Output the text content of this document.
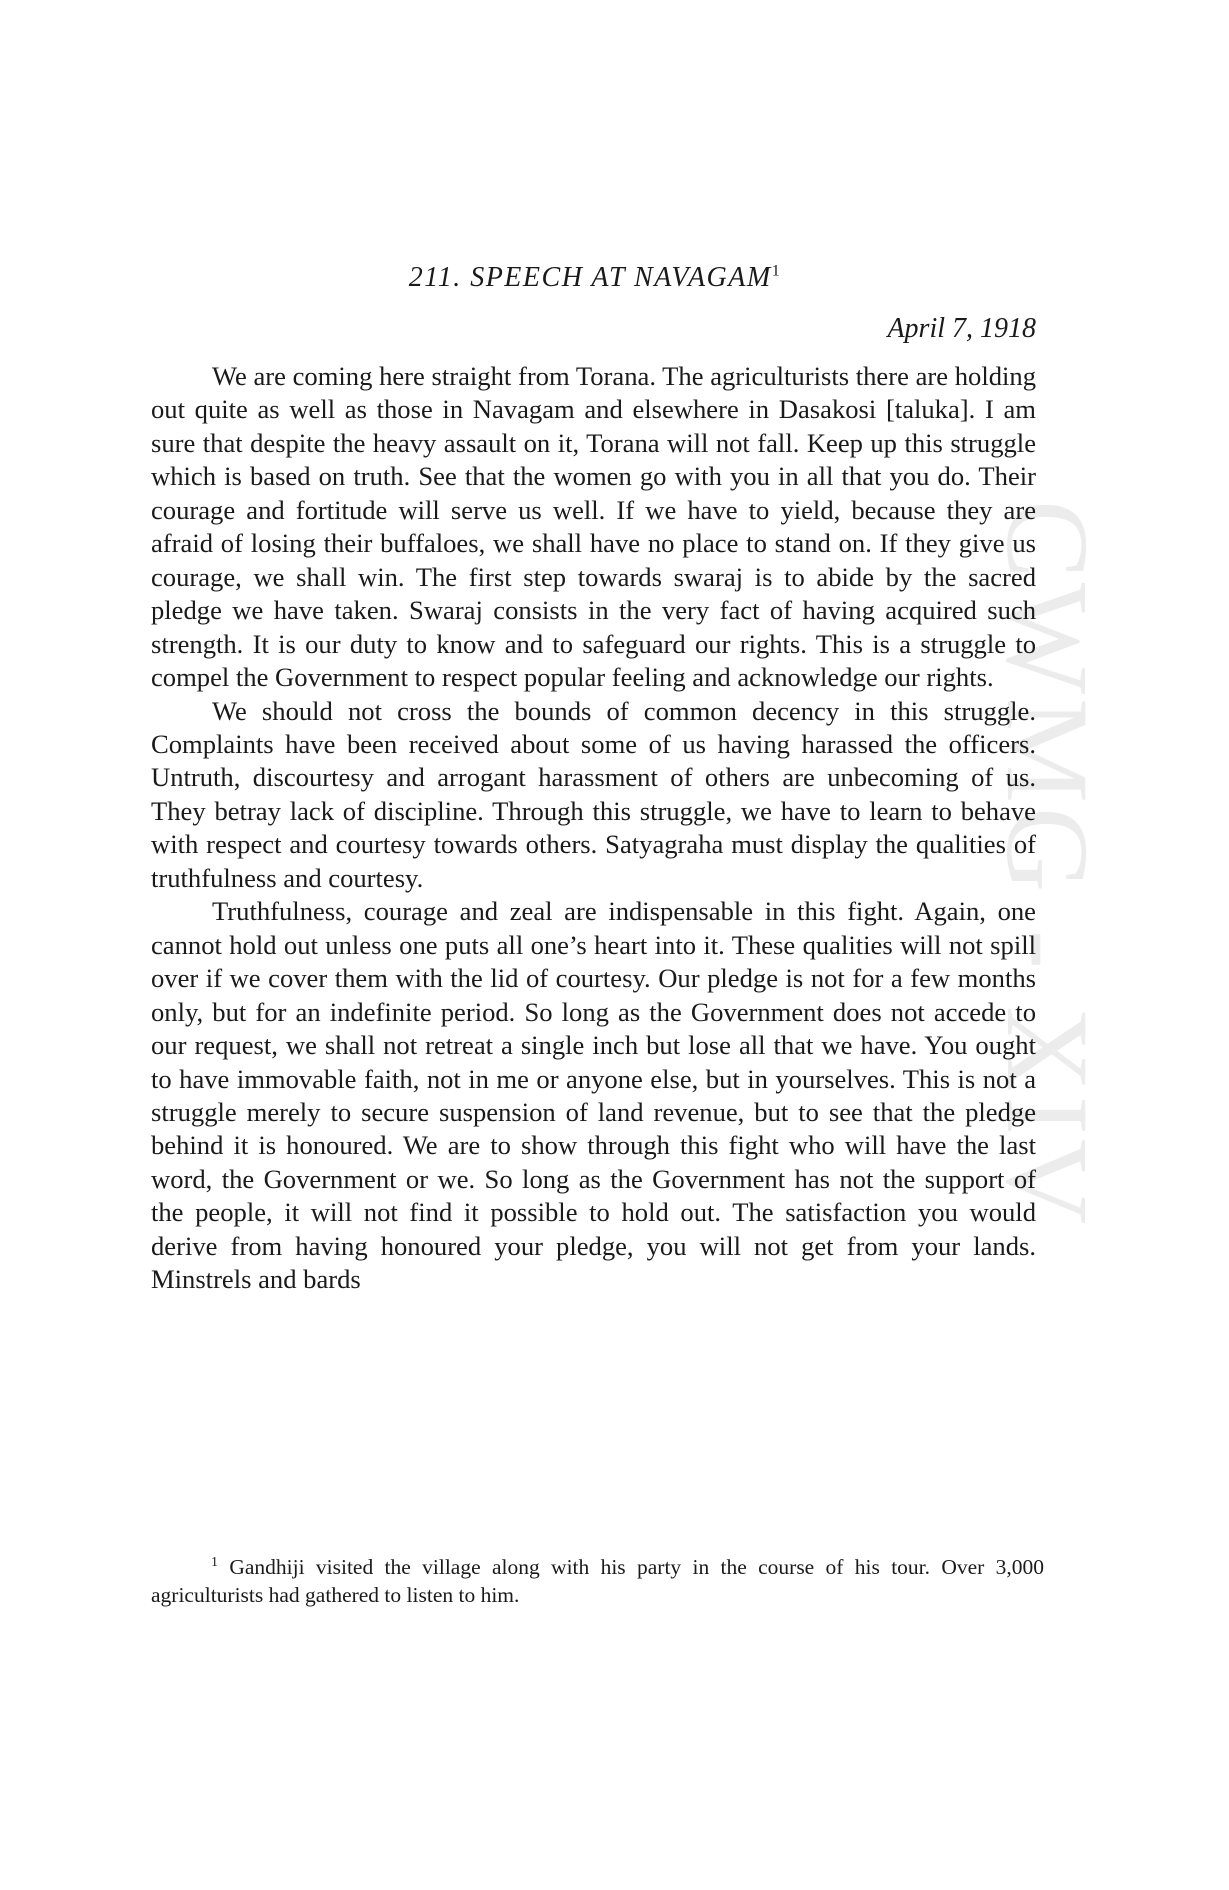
CWMG - XIV
211. SPEECH AT NAVAGAM$^1$

April 7, 1918

We are coming here straight from Torana. The agriculturists there are holding out quite as well as those in Navagam and elsewhere in Dasakosi [taluka]. I am sure that despite the heavy assault on it, Torana will not fall. Keep up this struggle which is based on truth. See that the women go with you in all that you do. Their courage and fortitude will serve us well. If we have to yield, because they are afraid of losing their buffaloes, we shall have no place to stand on. If they give us courage, we shall win. The first step towards swaraj is to abide by the sacred pledge we have taken. Swaraj consists in the very fact of having acquired such strength. It is our duty to know and to safeguard our rights. This is a struggle to compel the Government to respect popular feeling and acknowledge our rights.

We should not cross the bounds of common decency in this struggle. Complaints have been received about some of us having harassed the officers. Untruth, discourtesy and arrogant harassment of others are unbecoming of us. They betray lack of discipline. Through this struggle, we have to learn to behave with respect and courtesy towards others. Satyagraha must display the qualities of truthfulness and courtesy.

Truthfulness, courage and zeal are indispensable in this fight. Again, one cannot hold out unless one puts all one’s heart into it. These qualities will not spill over if we cover them with the lid of courtesy. Our pledge is not for a few months only, but for an indefinite period. So long as the Government does not accede to our request, we shall not retreat a single inch but lose all that we have. You ought to have immovable faith, not in me or anyone else, but in yourselves. This is not a struggle merely to secure suspension of land revenue, but to see that the pledge behind it is honoured. We are to show through this fight who will have the last word, the Government or we. So long as the Government has not the support of the people, it will not find it possible to hold out. The satisfaction you would derive from having honoured your pledge, you will not get from your lands. Minstrels and bards

$^1$ Gandhiji visited the village along with his party in the course of his tour. Over 3,000 agriculturists had gathered to listen to him.
